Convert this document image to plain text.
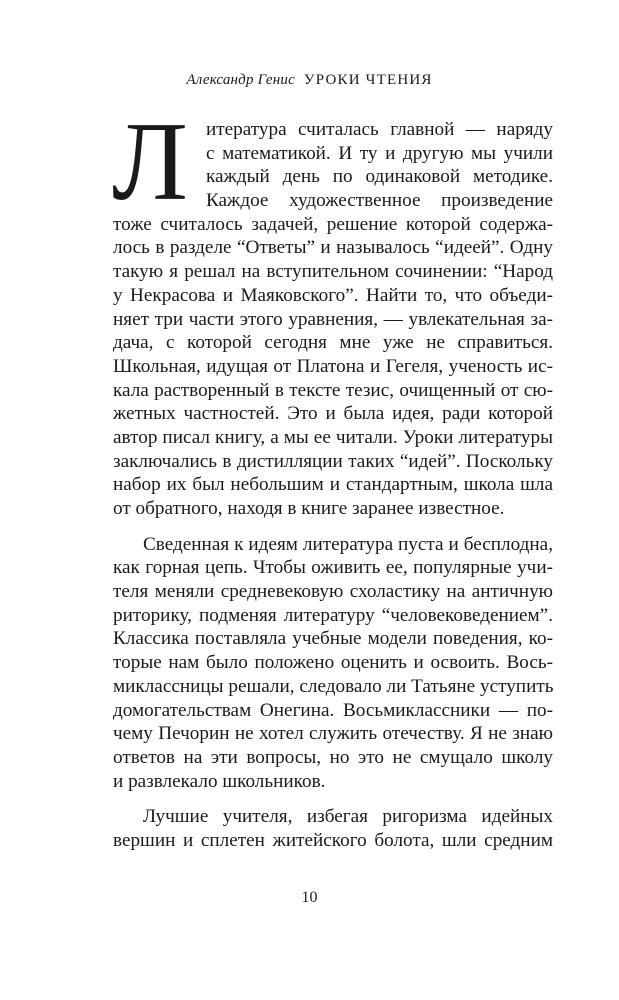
Александр Генис УРОКИ ЧТЕНИЯ
Л итература считалась главной — наряду
с математикой. И ту и другую мы учили
каждый день по одинаковой методике.
Каждое художественное произведение
тоже считалось задачей, решение которой содержа-
лось в разделе “Ответы” и называлось “идеей”. Одну
такую я решал на вступительном сочинении: “Народ
у Некрасова и Маяковского”. Найти то, что объеди-
няет три части этого уравнения, — увлекательная за-
дача, с которой сегодня мне уже не справиться.
Школьная, идущая от Платона и Гегеля, ученость ис-
кала растворенный в тексте тезис, очищенный от сю-
жетных частностей. Это и была идея, ради которой
автор писал книгу, а мы ее читали. Уроки литературы
заключались в дистилляции таких “идей”. Поскольку
набор их был небольшим и стандартным, школа шла
от обратного, находя в книге заранее известное.
Сведенная к идеям литература пуста и бесплодна,
как горная цепь. Чтобы оживить ее, популярные учи-
теля меняли средневековую схоластику на античную
риторику, подменяя литературу “человековедением”.
Классика поставляла учебные модели поведения, ко-
торые нам было положено оценить и освоить. Вось-
миклассницы решали, следовало ли Татьяне уступить
домогательствам Онегина. Восьмиклассники — по-
чему Печорин не хотел служить отечеству. Я не знаю
ответов на эти вопросы, но это не смущало школу
и развлекало школьников.
Лучшие учителя, избегая ригоризма идейных
вершин и сплетен житейского болота, шли средним
10
